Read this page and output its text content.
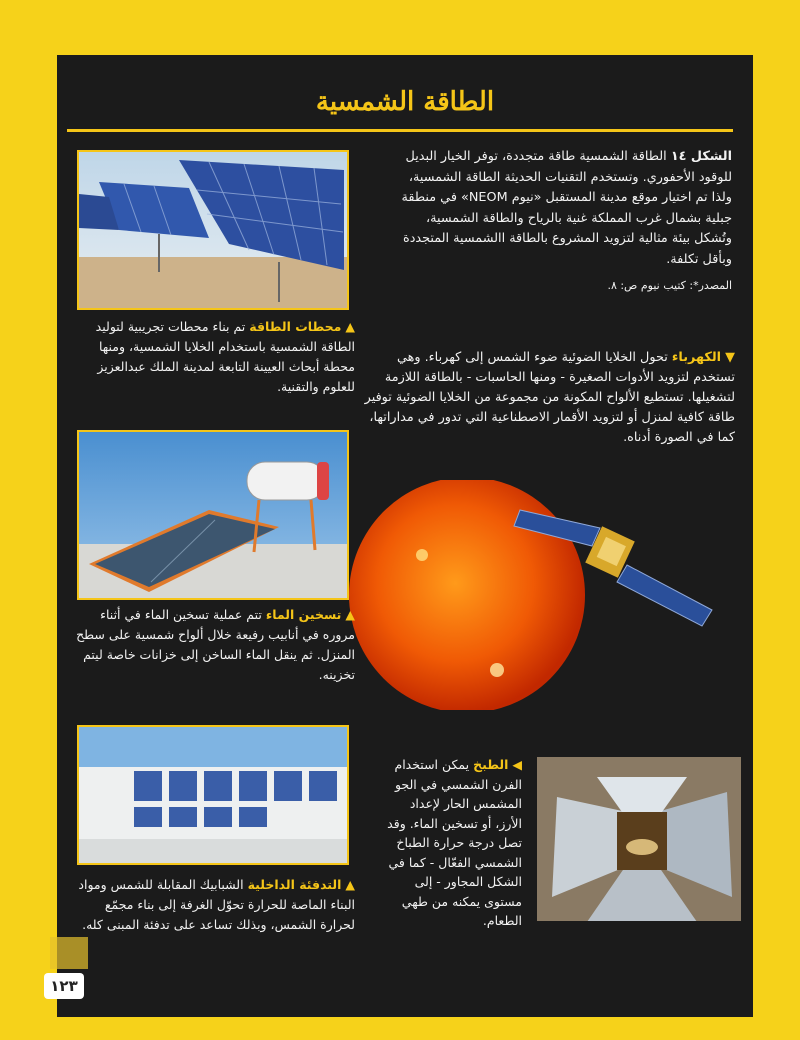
الطاقة الشمسية
الشكل ١٤ الطاقة الشمسية طاقة متجددة، توفر الخيار البديل للوقود الأحفوري. وتستخدم التقنيات الحديثة الطاقة الشمسية، ولذا تم اختيار موقع مدينة المستقبل «نيوم NEOM» في منطقة جبلية بشمال غرب المملكة غنية بالرياح والطاقة الشمسية، وتُشكل بيئة مثالية لتزويد المشروع بالطاقة االشمسية المتجددة وبأقل تكلفة.
المصدر*: كتيب نيوم ص: ٨.
▲ محطات الطاقة تم بناء محطات تجريبية لتوليد الطاقة الشمسية باستخدام الخلايا الشمسية، ومنها محطة أبحاث العيينة التابعة لمدينة الملك عبدالعزيز للعلوم والتقنية.
▼ الكهرباء تحول الخلايا الضوئية ضوء الشمس إلى كهرباء. وهي تستخدم لتزويد الأدوات الصغيرة - ومنها الحاسبات - بالطاقة اللازمة لتشغيلها. تستطيع الألواح المكونة من مجموعة من الخلايا الضوئية توفير طاقة كافية لمنزل أو لتزويد الأقمار الاصطناعية التي تدور في مداراتها، كما في الصورة أدناه.
▲ تسخين الماء تتم عملية تسخين الماء في أثناء مروره في أنابيب رفيعة خلال ألواح شمسية على سطح المنزل. ثم ينقل الماء الساخن إلى خزانات خاصة ليتم تخزينه.
◀ الطبخ يمكن استخدام الفرن الشمسي في الجو المشمس الحار لإعداد الأرز، أو تسخين الماء. وقد تصل درجة حرارة الطباخ الشمسي الفعّال - كما في الشكل المجاور - إلى مستوى يمكنه من طهي الطعام.
▲ التدفئة الداخلية الشبابيك المقابلة للشمس ومواد البناء الماصة للحرارة تحوّل الغرفة إلى بناء مجمّع لحرارة الشمس، وبذلك تساعد على تدفئة المبنى كله.
١٢٣
